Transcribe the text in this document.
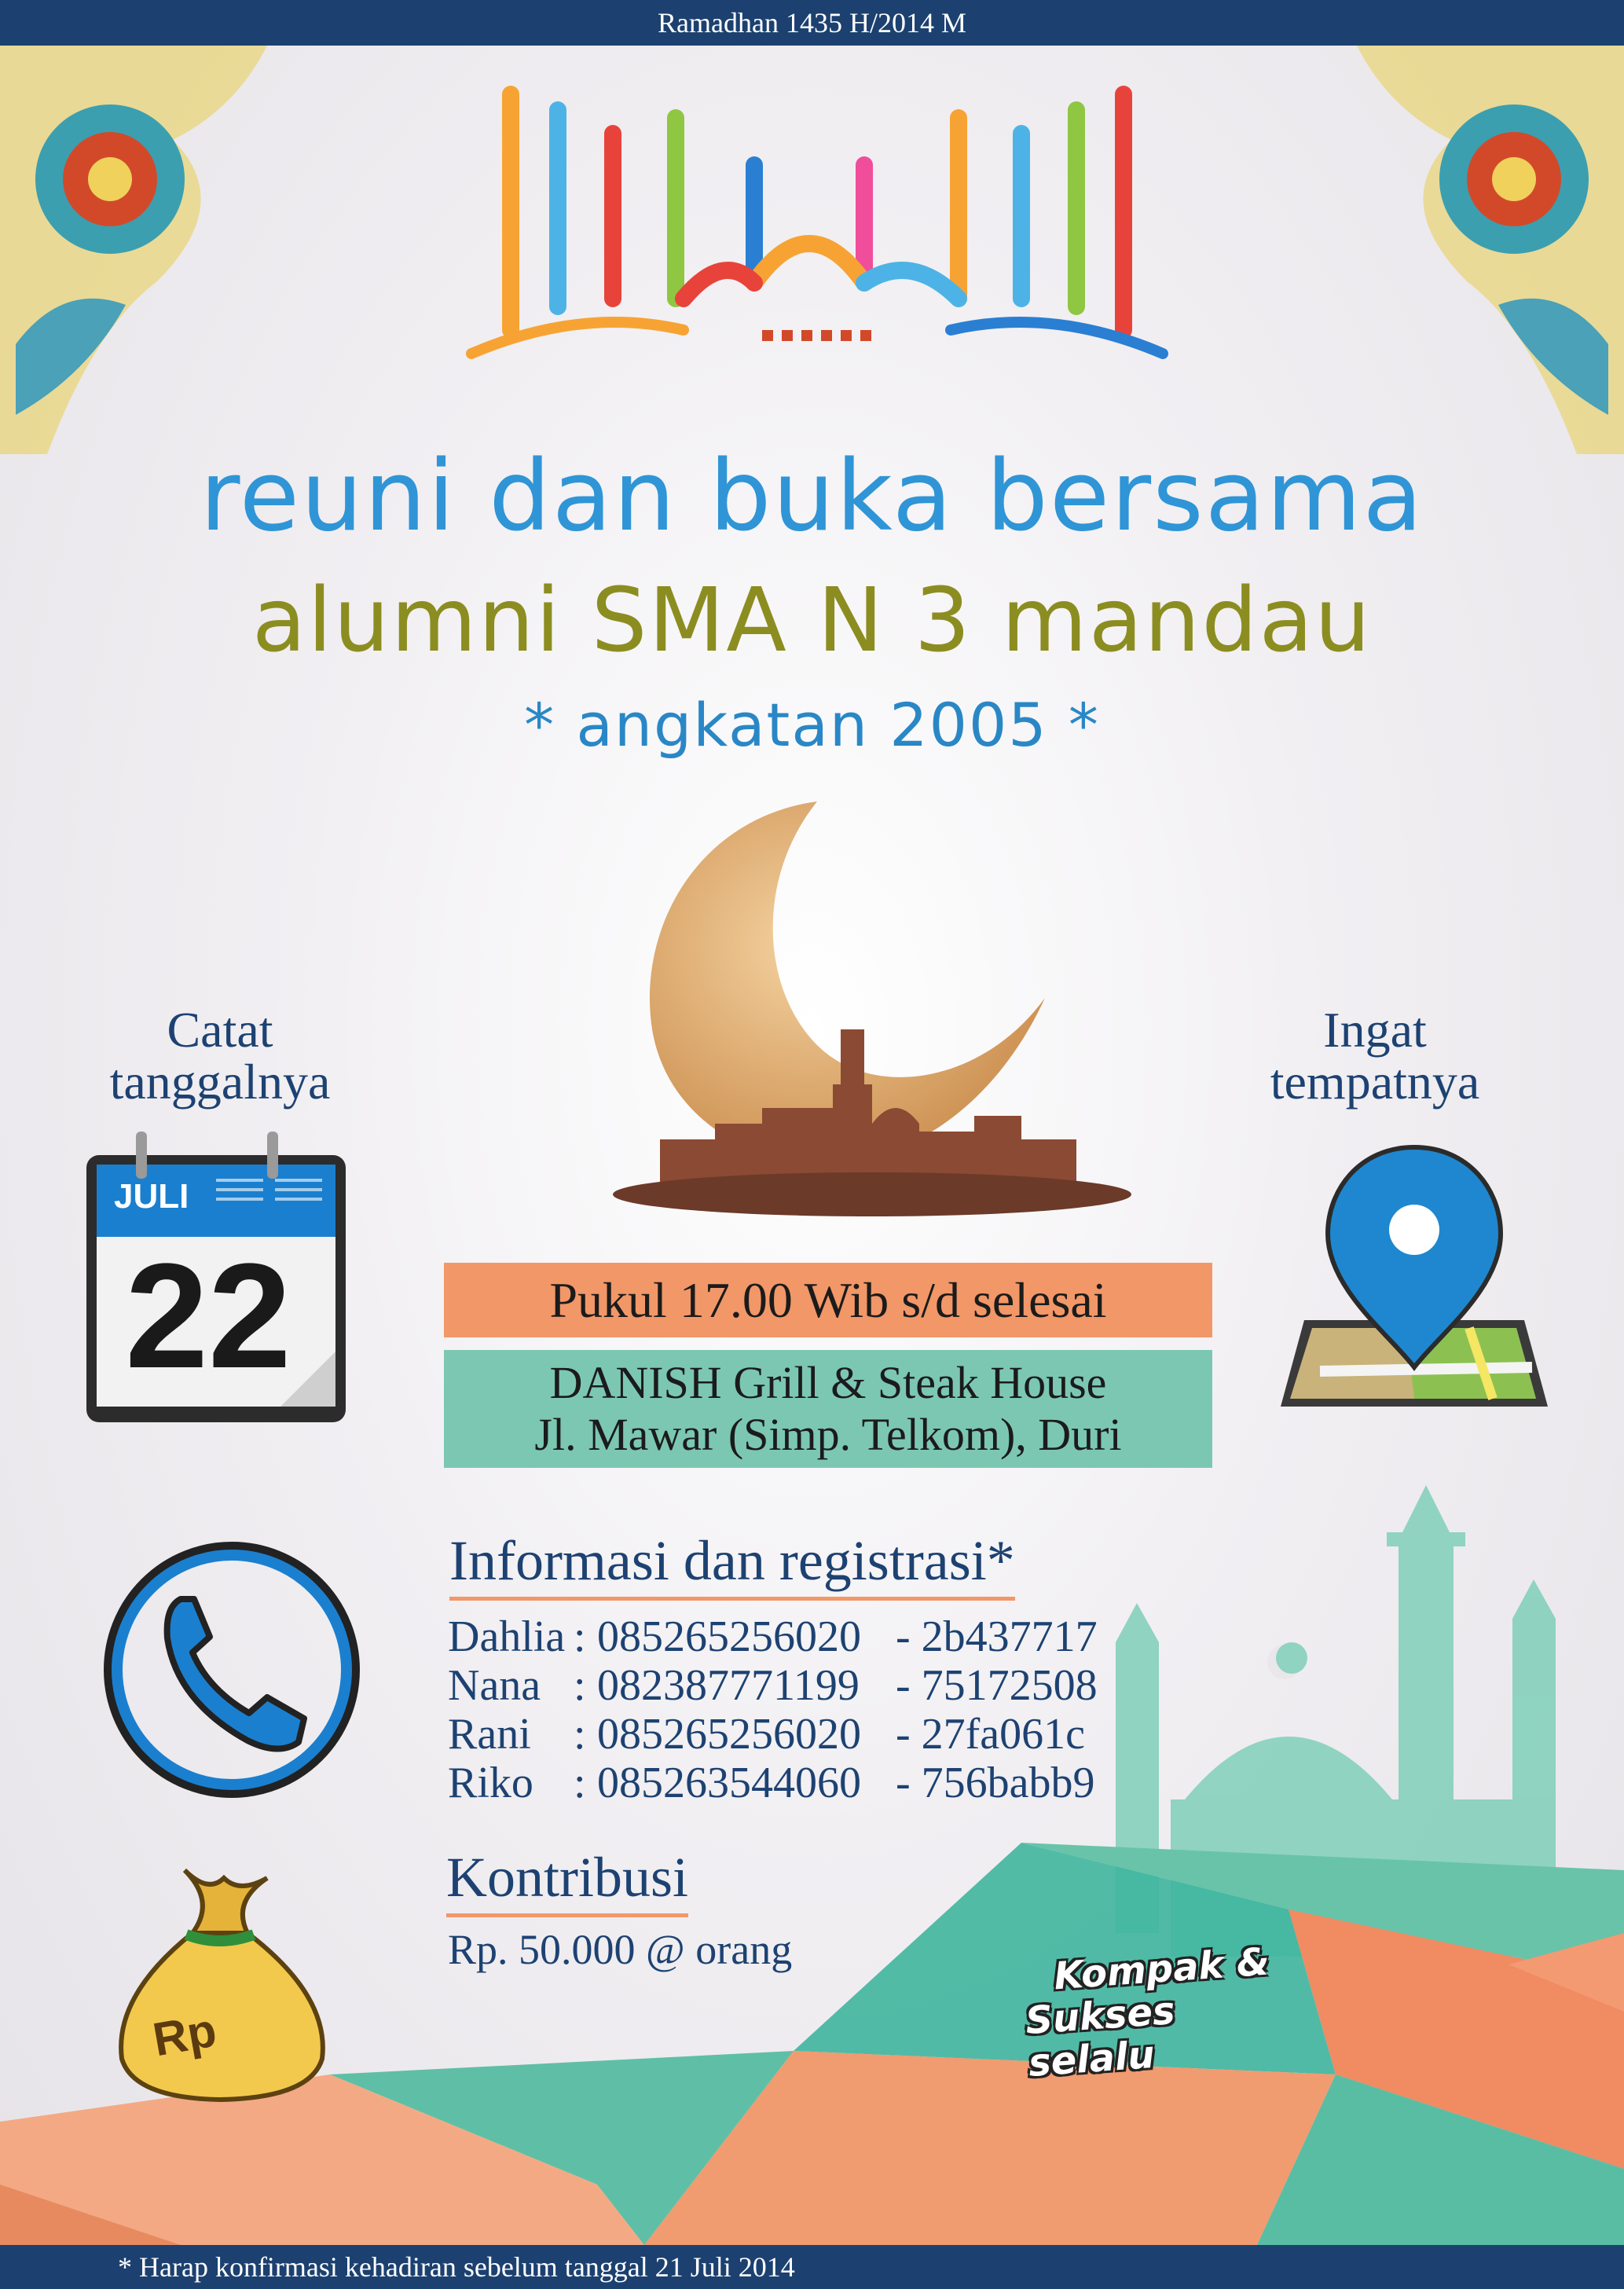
Ramadhan 1435 H/2014 M
reuni dan buka bersama
alumni SMA N 3 mandau
* angkatan 2005 *
Catat
tanggalnya
JULI
22
Ingat
tempatnya
Pukul 17.00 Wib s/d selesai
DANISH Grill & Steak House
Jl. Mawar (Simp. Telkom), Duri
Informasi dan registrasi*
Dahlia : 085265256020 - 2b437717
Nana : 082387771199 - 75172508
Rani : 085265256020 - 27fa061c
Riko : 085263544060 - 756babb9
Rp
Kontribusi
Rp. 50.000 @ orang	Kompak &
Sukses selalu
* Harap konfirmasi kehadiran sebelum tanggal 21 Juli 2014
